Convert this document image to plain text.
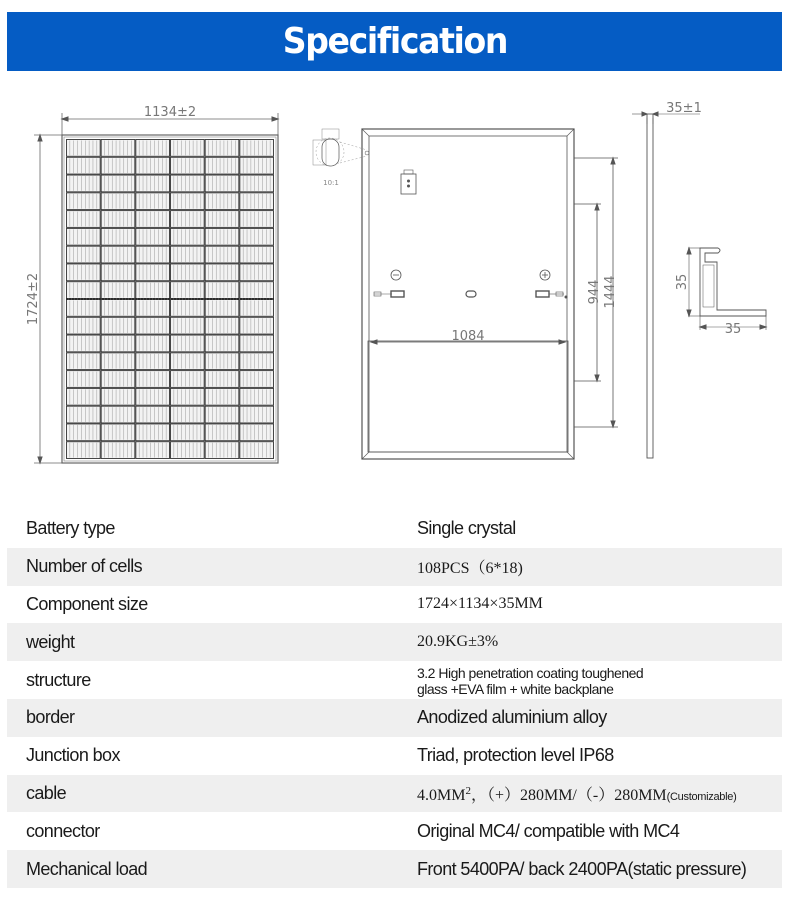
Specification
1134±2
1724±2
10:1
1084
944 1444
35±1
35
35
Battery type	Single crystal
Number of cells	108PCS（6*18)
Component size	1724×1134×35MM
weight	20.9KG±3%
structure	3.2 High penetration coating toughened
glass +EVA film + white backplane
border	Anodized aluminium alloy
Junction box	Triad, protection level IP68
cable	$4.0MM^2$，（+）280MM/（-）280MM(Customizable)
connector	Original MC4/ compatible with MC4
Mechanical load	Front 5400PA/ back 2400PA(static pressure)
